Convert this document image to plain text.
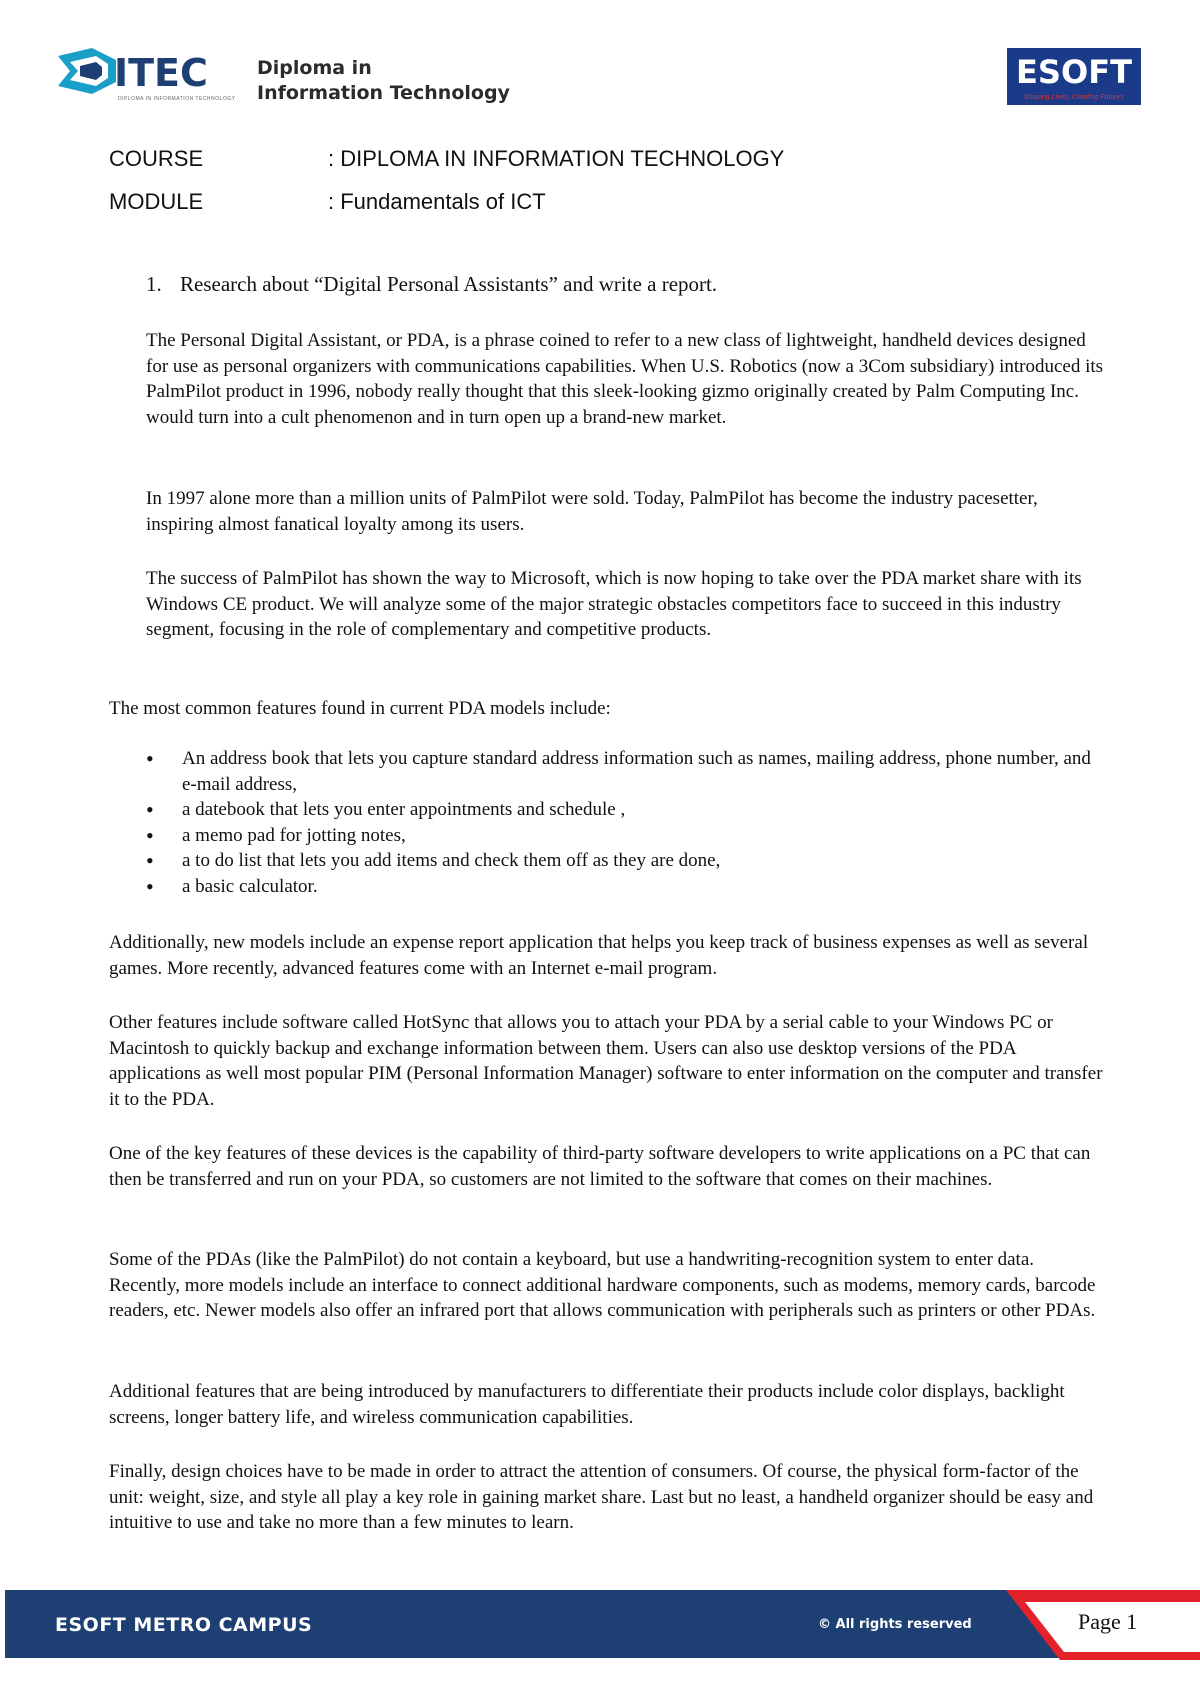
ITEC
DIPLOMA IN INFORMATION TECHNOLOGY
Diploma in
Information Technology
ESOFT
Shaping Lives, Creating Futures
COURSE	: DIPLOMA IN INFORMATION TECHNOLOGY
MODULE	: Fundamentals of ICT
1. Research about “Digital Personal Assistants” and write a report.

The Personal Digital Assistant, or PDA, is a phrase coined to refer to a new class of lightweight, handheld devices designed for use as personal organizers with communications capabilities. When U.S. Robotics (now a 3Com subsidiary) introduced its PalmPilot product in 1996, nobody really thought that this sleek-looking gizmo originally created by Palm Computing Inc. would turn into a cult phenomenon and in turn open up a brand-new market.

In 1997 alone more than a million units of PalmPilot were sold. Today, PalmPilot has become the industry pacesetter, inspiring almost fanatical loyalty among its users.

The success of PalmPilot has shown the way to Microsoft, which is now hoping to take over the PDA market share with its Windows CE product. We will analyze some of the major strategic obstacles competitors face to succeed in this industry segment, focusing in the role of complementary and competitive products.

The most common features found in current PDA models include:

• An address book that lets you capture standard address information such as names, mailing address, phone number, and e-mail address,
• a datebook that lets you enter appointments and schedule ,
• a memo pad for jotting notes,
• a to do list that lets you add items and check them off as they are done,
• a basic calculator.

Additionally, new models include an expense report application that helps you keep track of business expenses as well as several games. More recently, advanced features come with an Internet e-mail program.

Other features include software called HotSync that allows you to attach your PDA by a serial cable to your Windows PC or Macintosh to quickly backup and exchange information between them. Users can also use desktop versions of the PDA applications as well most popular PIM (Personal Information Manager) software to enter information on the computer and transfer it to the PDA.

One of the key features of these devices is the capability of third-party software developers to write applications on a PC that can then be transferred and run on your PDA, so customers are not limited to the software that comes on their machines.

Some of the PDAs (like the PalmPilot) do not contain a keyboard, but use a handwriting-recognition system to enter data. Recently, more models include an interface to connect additional hardware components, such as modems, memory cards, barcode readers, etc. Newer models also offer an infrared port that allows communication with peripherals such as printers or other PDAs.

Additional features that are being introduced by manufacturers to differentiate their products include color displays, backlight screens, longer battery life, and wireless communication capabilities.

Finally, design choices have to be made in order to attract the attention of consumers. Of course, the physical form-factor of the unit: weight, size, and style all play a key role in gaining market share. Last but no least, a handheld organizer should be easy and intuitive to use and take no more than a few minutes to learn.

ESOFT METRO CAMPUS	© All rights reserved	Page 1
